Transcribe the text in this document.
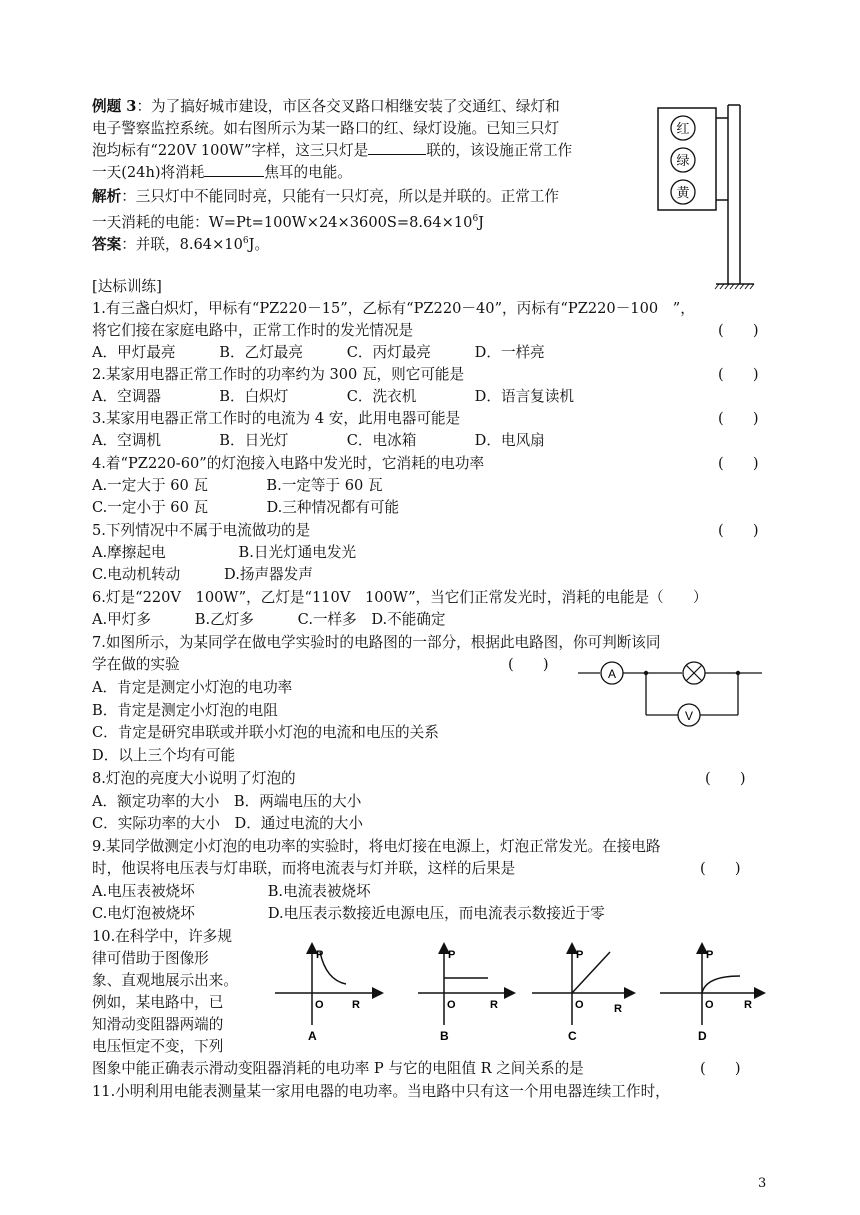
例题 3：为了搞好城市建设，市区各交叉路口相继安装了交通红、绿灯和
电子警察监控系统。如右图所示为某一路口的红、绿灯设施。已知三只灯
泡均标有“220V 100W”字样，这三只灯是	联的，该设施正常工作
一天(24h)将消耗	焦耳的电能。
解析：三只灯中不能同时亮，只能有一只灯亮，所以是并联的。正常工作
一天消耗的电能：$W=Pt=100W\times 24\times 3600S=8.64\times 10^6J$
答案：并联，$8.64\times 10^6J$。
红
绿
黄
[达标训练]
1.有三盏白炽灯，甲标有“PZ220－15”，乙标有“PZ220－40”，丙标有“PZ220－100　”，
将它们接在家庭电路中，正常工作时的发光情况是	(　　)
A．甲灯最亮　　　B．乙灯最亮　　　C．丙灯最亮　　　D．一样亮
2.某家用电器正常工作时的功率约为 300 瓦，则它可能是	(　　)
A．空调器　　　　B．白炽灯　　　　C．洗衣机　　　　D．语言复读机
3.某家用电器正常工作时的电流为 4 安，此用电器可能是	(　　)
A．空调机　　　　B．日光灯　　　　C．电冰箱　　　　D．电风扇
4.着“PZ220-60”的灯泡接入电路中发光时，它消耗的电功率	(　　)
A.一定大于 60 瓦　　　　B.一定等于 60 瓦
C.一定小于 60 瓦　　　　D.三种情况都有可能
5.下列情况中不属于电流做功的是	(　　)
A.摩擦起电　　　　　B.日光灯通电发光
C.电动机转动　　　D.扬声器发声
6.灯是“220V　100W”，乙灯是“110V　100W”，当它们正常发光时，消耗的电能是（　　）
A.甲灯多　　　B.乙灯多　　　C.一样多　D.不能确定
7.如图所示，为某同学在做电学实验时的电路图的一部分，根据此电路图，你可判断该同
学在做的实验	(　　)
A．肯定是测定小灯泡的电功率
B．肯定是测定小灯泡的电阻
C．肯定是研究串联或并联小灯泡的电流和电压的关系
D．以上三个均有可能
A
V
8.灯泡的亮度大小说明了灯泡的	(　　)
A．额定功率的大小　B．两端电压的大小
C．实际功率的大小　D．通过电流的大小
9.某同学做测定小灯泡的电功率的实验时，将电灯接在电源上，灯泡正常发光。在接电路
时，他误将电压表与灯串联，而将电流表与灯并联，这样的后果是	(　　)
A.电压表被烧坏　　　　　B.电流表被烧坏
C.电灯泡被烧坏　　　　　D.电压表示数接近电源电压，而电流表示数接近于零
10.在科学中，许多规
律可借助于图像形
象、直观地展示出来。
例如，某电路中，已
知滑动变阻器两端的
电压恒定不变，下列
图象中能正确表示滑动变阻器消耗的电功率 P 与它的电阻值 R 之间关系的是	(　　)
P
O	R
A
P
O	R
B
P
O	R
C
P
O	R
D
11.小明利用电能表测量某一家用电器的电功率。当电路中只有这一个用电器连续工作时，
3
